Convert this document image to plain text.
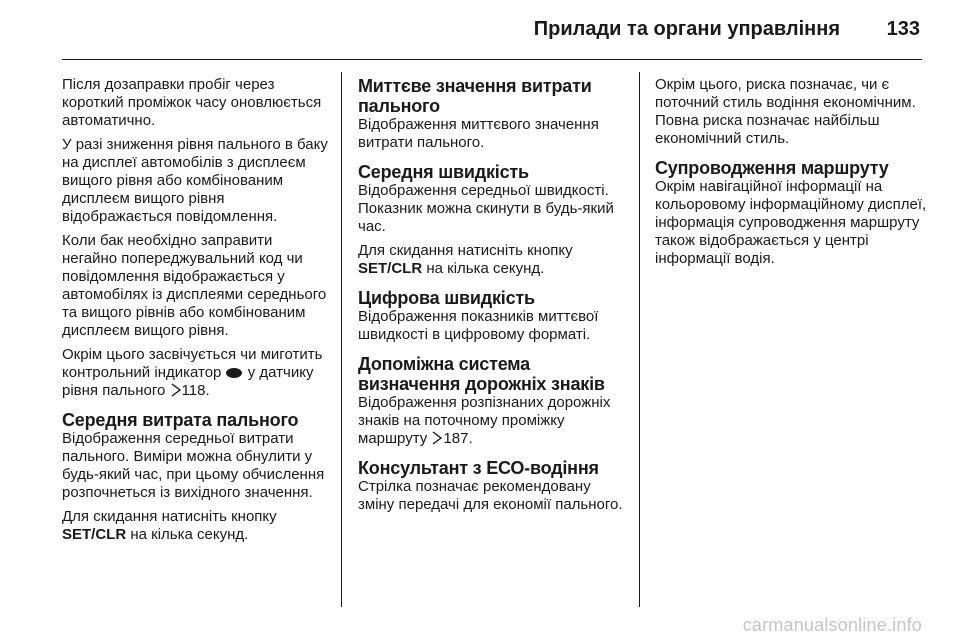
Прилади та органи управління 133

Після дозаправки пробіг через короткий проміжок часу оновлюється автоматично.

У разі зниження рівня пального в баку на дисплеї автомобілів з дисплеєм вищого рівня або комбінованим дисплеєм вищого рівня відображається повідомлення.

Коли бак необхідно заправити негайно попереджувальний код чи повідомлення відображається у автомобілях із дисплеями середнього та вищого рівнів або комбінованим дисплеєм вищого рівня.

Окрім цього засвічується чи миготить контрольний індикатор у датчику рівня пального 118.

Середня витрата пального

Відображення середньої витрати пального. Виміри можна обнулити у будь-який час, при цьому обчислення розпочнеться із вихідного значення.

Для скидання натисніть кнопку SET/CLR на кілька секунд.

Миттєве значення витрати пального

Відображення миттєвого значення витрати пального.

Середня швидкість

Відображення середньої швидкості. Показник можна скинути в будь-який час.

Для скидання натисніть кнопку SET/CLR на кілька секунд.

Цифрова швидкість

Відображення показників миттєвої швидкості в цифровому форматі.

Допоміжна система визначення дорожніх знаків

Відображення розпізнаних дорожніх знаків на поточному проміжку маршруту 187.

Консультант з ЕСО-водіння

Стрілка позначає рекомендовану зміну передачі для економії пального.

Окрім цього, риска позначає, чи є поточний стиль водіння економічним. Повна риска позначає найбільш економічний стиль.

Супроводження маршруту

Окрім навігаційної інформації на кольоровому інформаційному дисплеї, інформація супроводження маршруту також відображається у центрі інформації водія.

carmanualsonline.info
